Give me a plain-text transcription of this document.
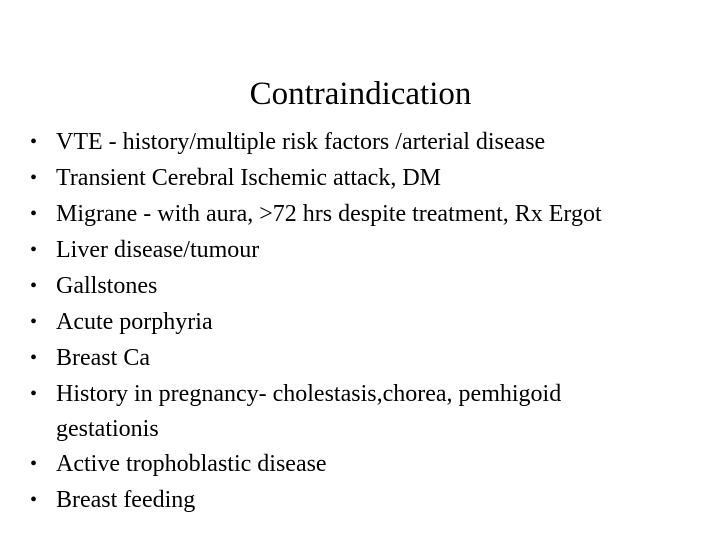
Contraindication
• VTE - history/multiple risk factors /arterial disease
• Transient Cerebral Ischemic attack, DM
• Migrane - with aura, >72 hrs despite treatment, Rx Ergot
• Liver disease/tumour
• Gallstones
• Acute porphyria
• Breast Ca
• History in pregnancy- cholestasis,chorea, pemhigoid
gestationis
• Active trophoblastic disease
• Breast feeding
